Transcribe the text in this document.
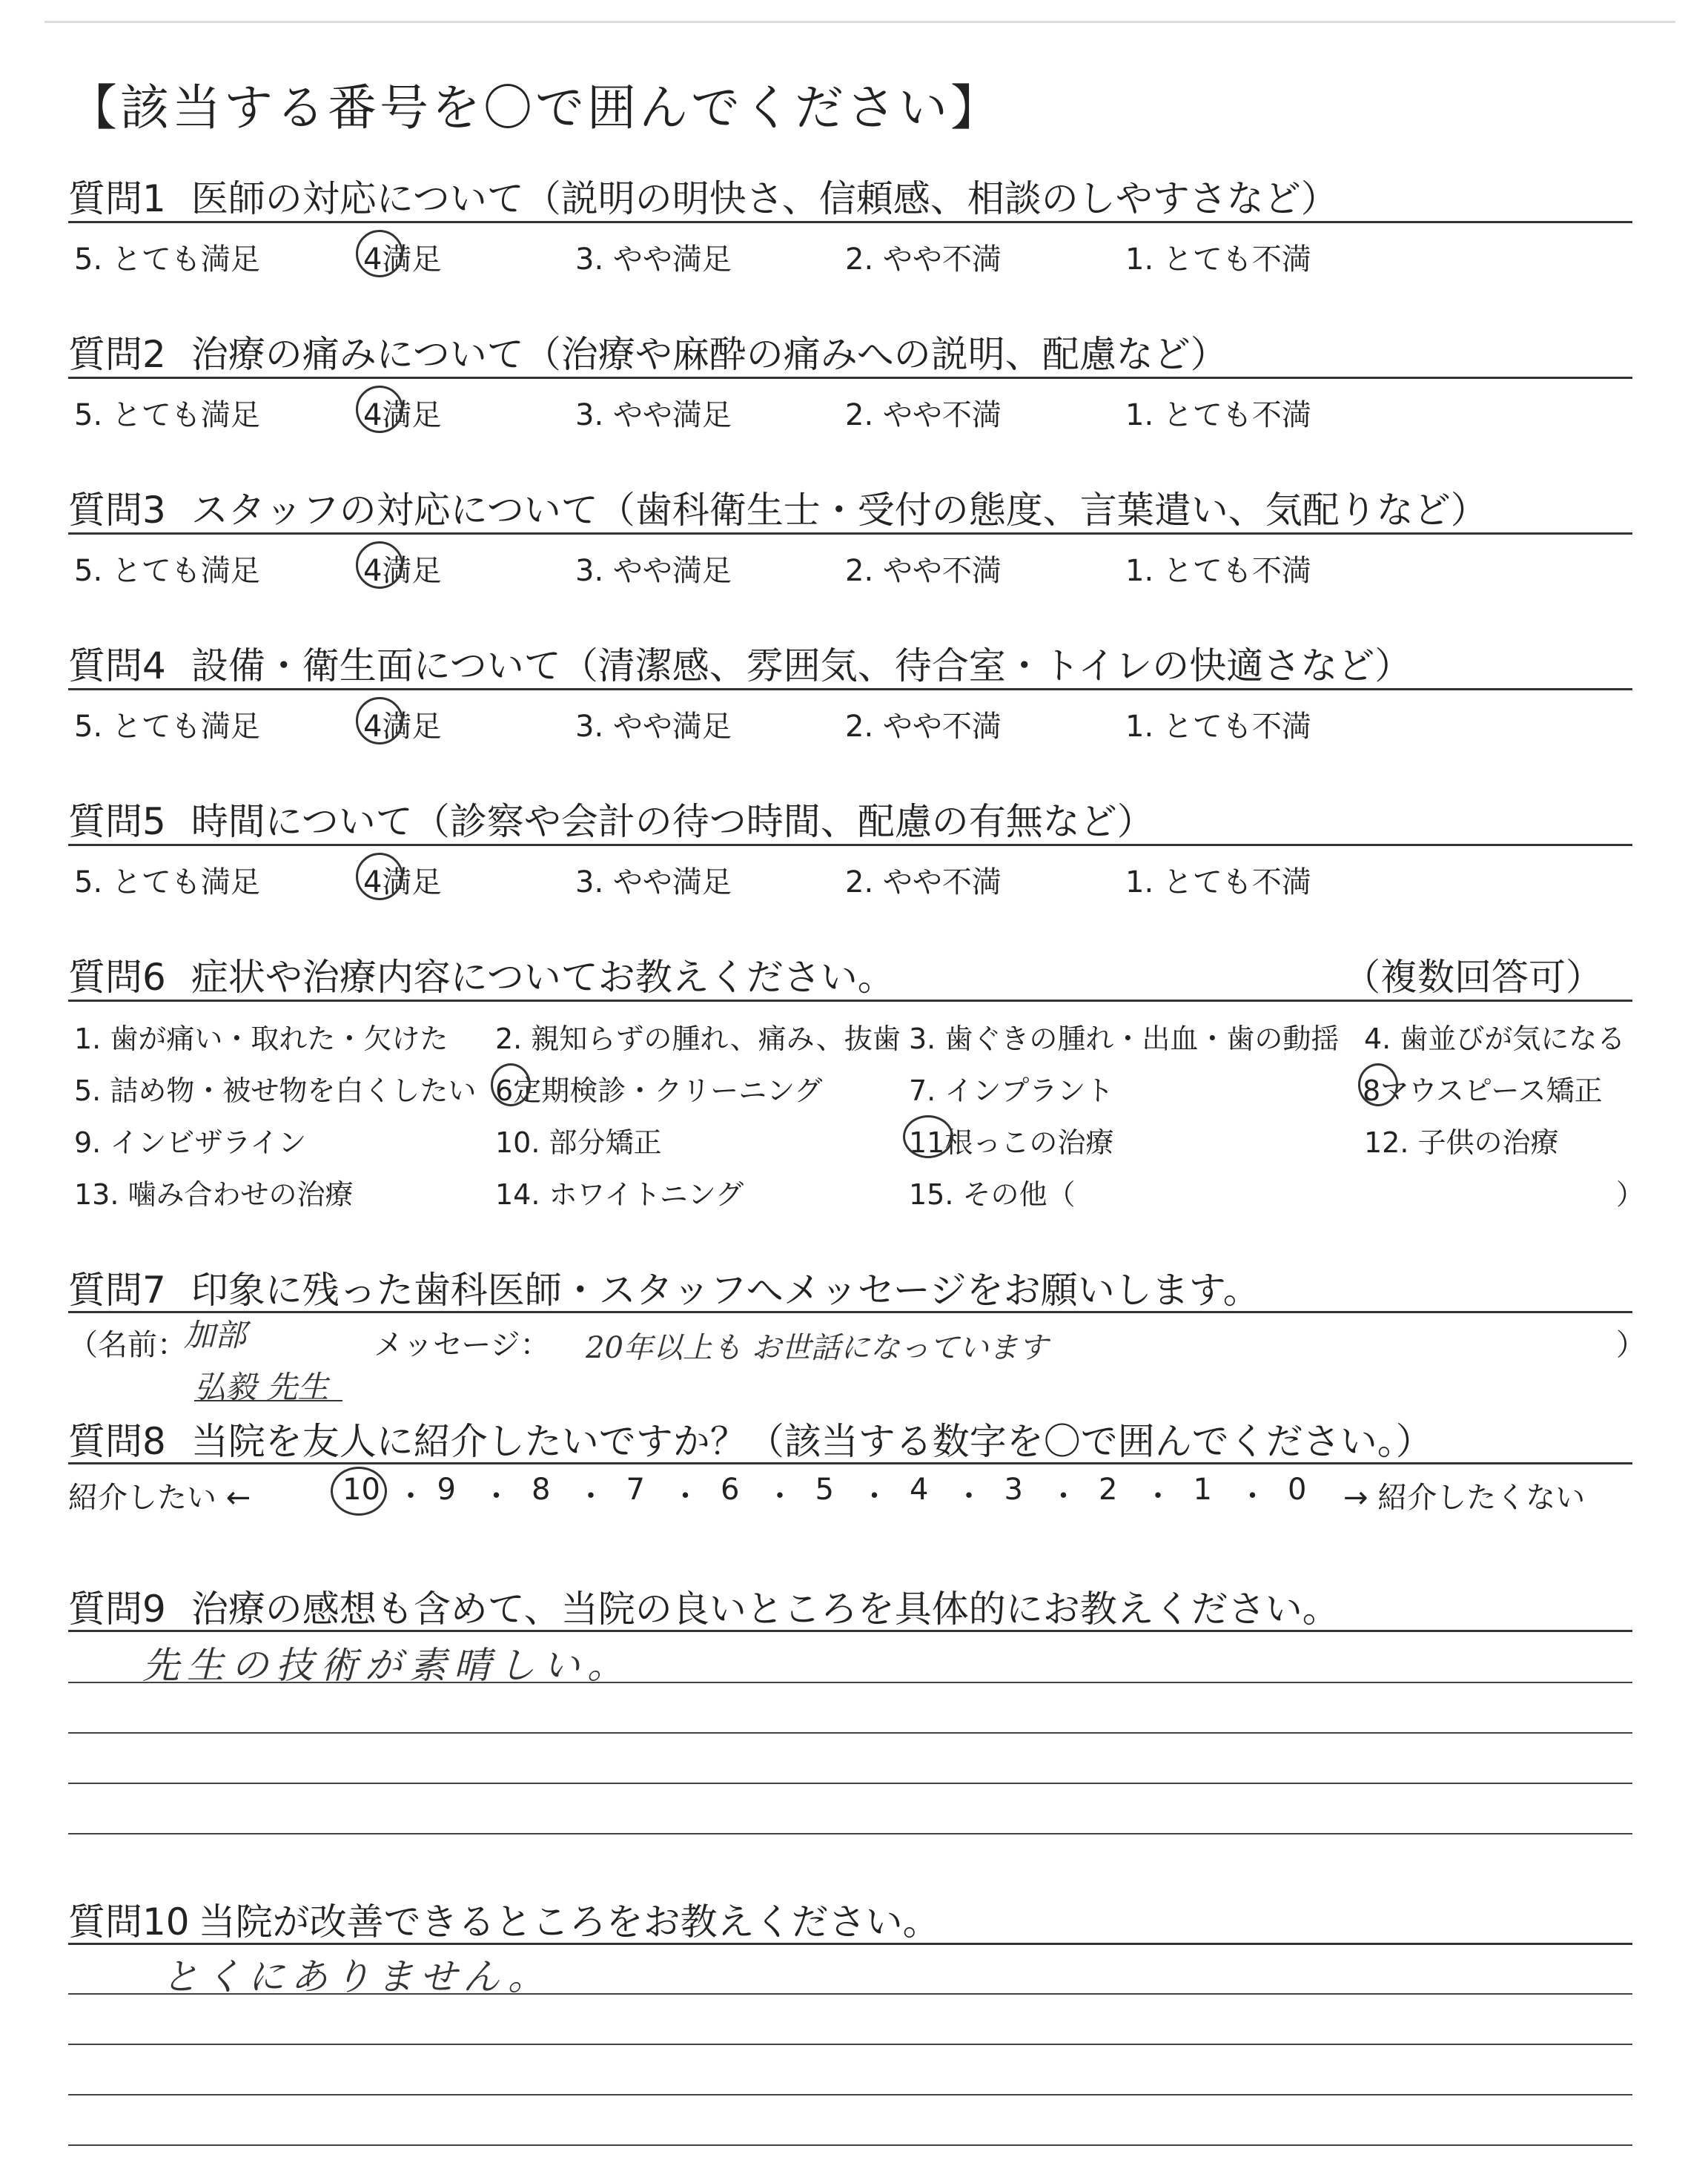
【該当する番号を〇で囲んでください】
質問1 医師の対応について（説明の明快さ、信頼感、相談のしやすさなど）
5. とても満足	4満足	3. やや満足	2. やや不満	1. とても不満
質問2 治療の痛みについて（治療や麻酔の痛みへの説明、配慮など）
5. とても満足	4満足	3. やや満足	2. やや不満	1. とても不満
質問3 スタッフの対応について（歯科衛生士・受付の態度、言葉遣い、気配りなど）
5. とても満足	4満足	3. やや満足	2. やや不満	1. とても不満
質問4 設備・衛生面について（清潔感、雰囲気、待合室・トイレの快適さなど）
5. とても満足	4満足	3. やや満足	2. やや不満	1. とても不満
質問5 時間について（診察や会計の待つ時間、配慮の有無など）
5. とても満足	4満足	3. やや満足	2. やや不満	1. とても不満
質問6 症状や治療内容についてお教えください。	（複数回答可）
1. 歯が痛い・取れた・欠けた 2. 親知らずの腫れ、痛み、抜歯 3. 歯ぐきの腫れ・出血・歯の動揺 4. 歯並びが気になる
5. 詰め物・被せ物を白くしたい 6定期検診・クリーニング	7. インプラント	8マウスピース矯正
9. インビザライン	10. 部分矯正	11根っこの治療	12. 子供の治療
13. 噛み合わせの治療	14. ホワイトニング	15. その他（	）
質問7 印象に残った歯科医師・スタッフへメッセージをお願いします。
（名前：	メッセージ：	）
加部
弘毅 先生
20年以上も お世話になっています
質問8 当院を友人に紹介したいですか？（該当する数字を〇で囲んでください。）
紹介したい ←	→ 紹介したくない
10 ・ 9 ・ 8 ・ 7 ・ 6 ・ 5 ・ 4 ・ 3 ・ 2 ・ 1 ・ 0
質問9 治療の感想も含めて、当院の良いところを具体的にお教えください。
先生の技術が素晴しい。
質問10 当院が改善できるところをお教えください。
とくにありません。
